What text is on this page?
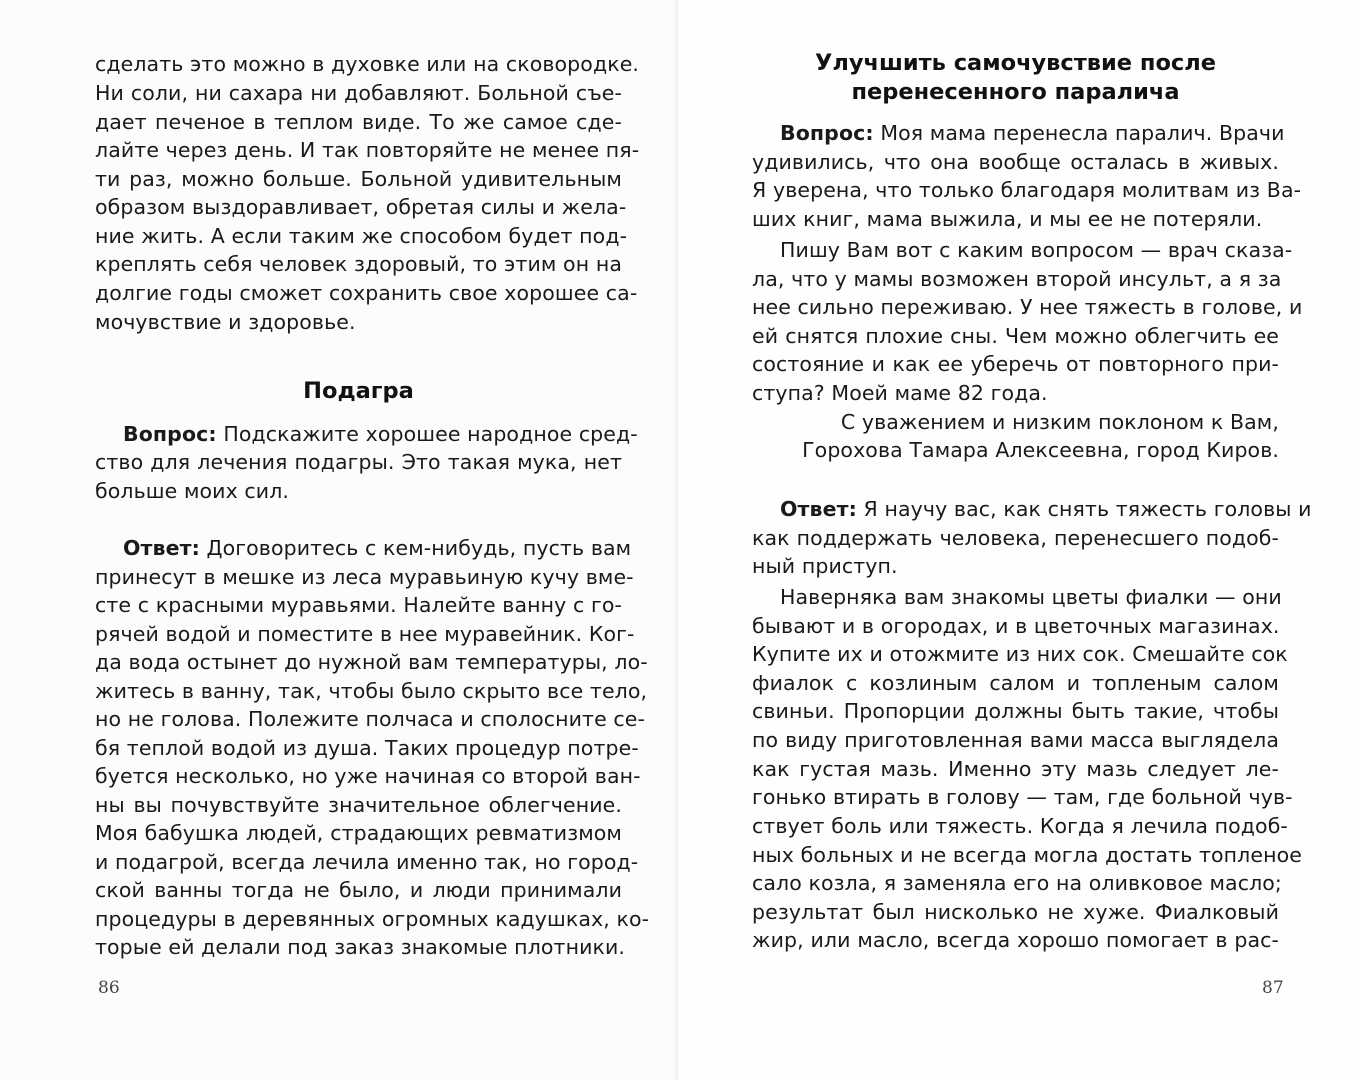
сделать это можно в духовке или на сковородке.
Ни соли, ни сахара ни добавляют. Больной съе-
дает печеное в теплом виде. То же самое сде-
лайте через день. И так повторяйте не менее пя-
ти раз, можно больше. Больной удивительным
образом выздоравливает, обретая силы и жела-
ние жить. А если таким же способом будет под-
креплять себя человек здоровый, то этим он на
долгие годы сможет сохранить свое хорошее са-
мочувствие и здоровье.
Подагра
Вопрос: Подскажите хорошее народное сред-
ство для лечения подагры. Это такая мука, нет
больше моих сил.
Ответ: Договоритесь с кем-нибудь, пусть вам
принесут в мешке из леса муравьиную кучу вме-
сте с красными муравьями. Налейте ванну с го-
рячей водой и поместите в нее муравейник. Ког-
да вода остынет до нужной вам температуры, ло-
житесь в ванну, так, чтобы было скрыто все тело,
но не голова. Полежите полчаса и сполосните се-
бя теплой водой из душа. Таких процедур потре-
буется несколько, но уже начиная со второй ван-
ны вы почувствуйте значительное облегчение.
Моя бабушка людей, страдающих ревматизмом
и подагрой, всегда лечила именно так, но город-
ской ванны тогда не было, и люди принимали
процедуры в деревянных огромных кадушках, ко-
торые ей делали под заказ знакомые плотники.
86
Улучшить самочувствие после
перенесенного паралича
Вопрос: Моя мама перенесла паралич. Врачи
удивились, что она вообще осталась в живых.
Я уверена, что только благодаря молитвам из Ва-
ших книг, мама выжила, и мы ее не потеряли.
Пишу Вам вот с каким вопросом — врач сказа-
ла, что у мамы возможен второй инсульт, а я за
нее сильно переживаю. У нее тяжесть в голове, и
ей снятся плохие сны. Чем можно облегчить ее
состояние и как ее уберечь от повторного при-
ступа? Моей маме 82 года.
С уважением и низким поклоном к Вам,
Горохова Тамара Алексеевна, город Киров.
Ответ: Я научу вас, как снять тяжесть головы и
как поддержать человека, перенесшего подоб-
ный приступ.
Наверняка вам знакомы цветы фиалки — они
бывают и в огородах, и в цветочных магазинах.
Купите их и отожмите из них сок. Смешайте сок
фиалок с козлиным салом и топленым салом
свиньи. Пропорции должны быть такие, чтобы
по виду приготовленная вами масса выглядела
как густая мазь. Именно эту мазь следует ле-
гонько втирать в голову — там, где больной чув-
ствует боль или тяжесть. Когда я лечила подоб-
ных больных и не всегда могла достать топленое
сало козла, я заменяла его на оливковое масло;
результат был нисколько не хуже. Фиалковый
жир, или масло, всегда хорошо помогает в рас-
87
